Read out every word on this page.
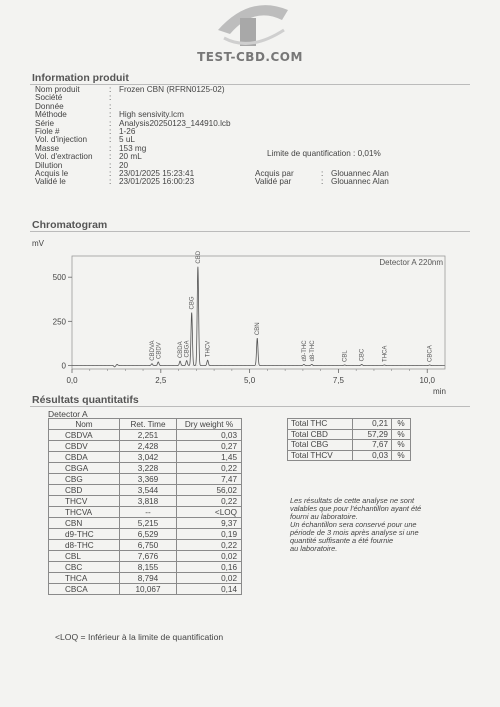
TEST-CBD.COM
Information produit
Nom produit	: Frozen CBN (RFRN0125-02)
Société	:
Donnée	:
Méthode	: High sensivity.lcm
Série	: Analysis20250123_144910.lcb
Fiole #	: 1-26
Vol. d'injection	: 5 uL
Masse	: 153 mg
Vol. d'extraction : 20 mL
Dilution	: 20
Acquis le	: 23/01/2025 15:23:41	Acquis par	: Glouannec Alan
Validé le	: 23/01/2025 16:00:23	Validé par	: Glouannec Alan
Limite de quantification : 0,01%
Chromatogram
0
250
500
0,0	2,5	5,0	7,5	10,0
mV
min
Detector A 220nm
CBDVA CBDV	CBDA CBGA
CBG
CBD
THCV
CBN
d9-THC d8-THC	CBL CBC	THCA	CBCA
Résultats quantitatifs
Detector A
Nom	Ret. Time	Dry weight %
CBDVA	2,251	0,03
CBDV	2,428	0,27
CBDA	3,042	1,45
CBGA	3,228	0,22
CBG	3,369	7,47
CBD	3,544	56,02
THCV	3,818	0,22
THCVA	--	<LOQ
CBN	5,215	9,37
d9-THC	6,529	0,19
d8-THC	6,750	0,22
CBL	7,676	0,02
CBC	8,155	0,16
THCA	8,794	0,02
CBCA	10,067	0,14
Total THC	0,21	%
Total CBD	57,29	%
Total CBG	7,67	%
Total THCV	0,03	%
Les résultats de cette analyse ne sont
valables que pour l'échantillon ayant été
fourni au laboratoire.
Un échantillon sera conservé pour une
période de 3 mois après analyse si une
quantité suffisante a été fournie
au laboratoire.
<LOQ = Inférieur à la limite de quantification
